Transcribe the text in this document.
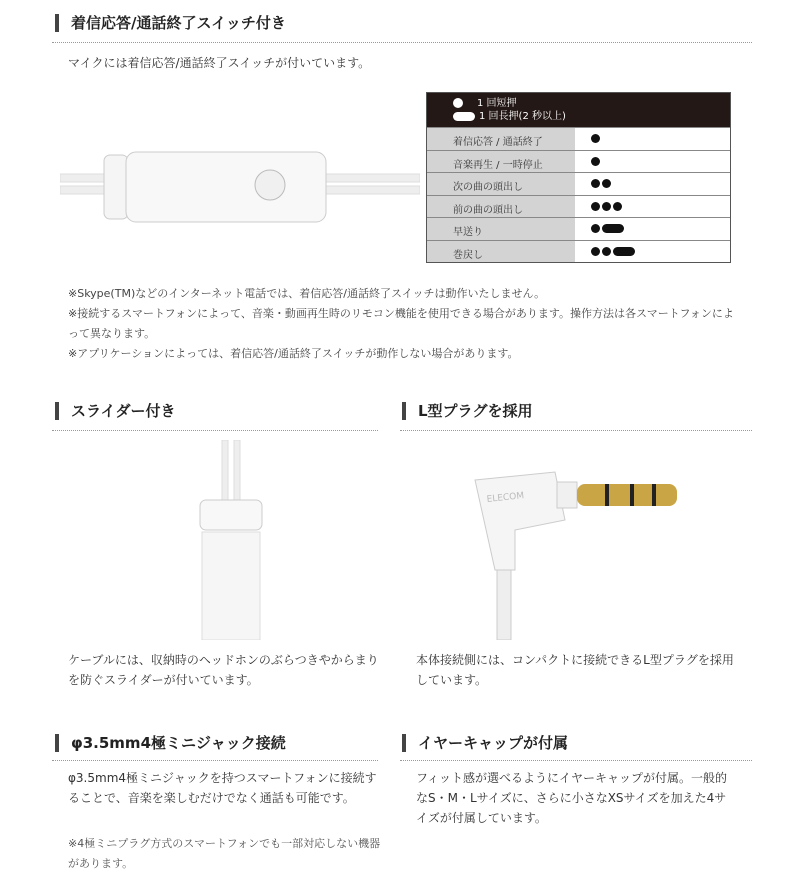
着信応答/通話終了スイッチ付き
マイクには着信応答/通話終了スイッチが付いています。
1 回短押
1 回長押(2 秒以上)
着信応答 / 通話終了
音楽再生 / 一時停止
次の曲の頭出し
前の曲の頭出し
早送り
巻戻し
※Skype(TM)などのインターネット電話では、着信応答/通話終了スイッチは動作いたしません。
※接続するスマートフォンによって、音楽・動画再生時のリモコン機能を使用できる場合があります。操作方法は各スマートフォンによって異なります。
※アプリケーションによっては、着信応答/通話終了スイッチが動作しない場合があります。
スライダー付き
ケーブルには、収納時のヘッドホンのぶらつきやからまりを防ぐスライダーが付いています。
L型プラグを採用
ELECOM
本体接続側には、コンパクトに接続できるL型プラグを採用しています。
φ3.5mm4極ミニジャック接続
φ3.5mm4極ミニジャックを持つスマートフォンに接続することで、音楽を楽しむだけでなく通話も可能です。
※4極ミニプラグ方式のスマートフォンでも一部対応しない機器があります。
イヤーキャップが付属
フィット感が選べるようにイヤーキャップが付属。一般的なS・M・Lサイズに、さらに小さなXSサイズを加えた4サイズが付属しています。
